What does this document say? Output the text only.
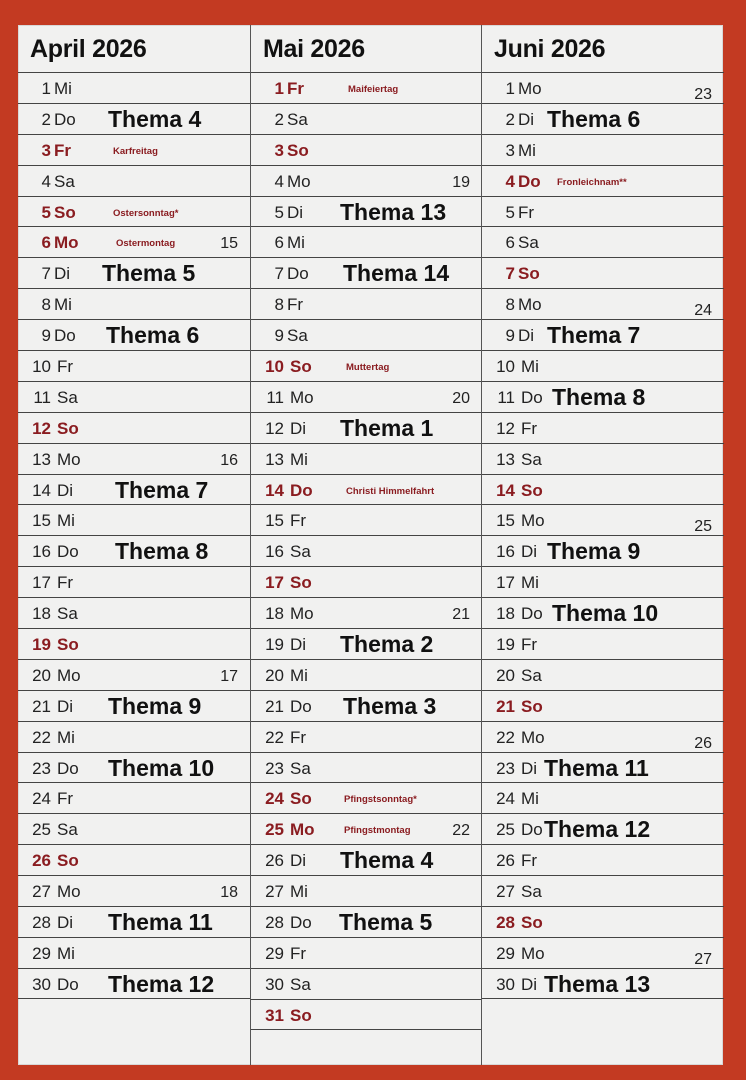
April 2026
1 Mi
2 Do Thema 4
3 Fr	Karfreitag
4 Sa
5 So	Ostersonntag*
6 Mo	Ostermontag	15
7 Di Thema 5
8 Mi
9 Do Thema 6
10 Fr
11 Sa
12 So
13 Mo	16
14 Di Thema 7
15 Mi
16 Do Thema 8
17 Fr
18 Sa
19 So
20 Mo	17
21 Di Thema 9
22 Mi
23 Do Thema 10
24 Fr
25 Sa
26 So
27 Mo	18
28 Di Thema 11
29 Mi
30 Do Thema 12
Mai 2026
1 Fr	Maifeiertag
2 Sa
3 So
4 Mo	19
5 Di Thema 13
6 Mi
7 Do Thema 14
8 Fr
9 Sa
10 So	Muttertag
11 Mo	20
12 Di Thema 1
13 Mi
14 Do	Christi Himmelfahrt
15 Fr
16 Sa
17 So
18 Mo	21
19 Di Thema 2
20 Mi
21 Do Thema 3
22 Fr
23 Sa
24 So	Pfingstsonntag*
25 Mo	Pfingstmontag	22
26 Di Thema 4
27 Mi
28 Do Thema 5
29 Fr
30 Sa
31 So
Juni 2026
1 Mo	23
2 Di Thema 6
3 Mi
4 Do Fronleichnam**
5 Fr
6 Sa
7 So
8 Mo	24
9 Di Thema 7
10 Mi
11 Do Thema 8
12 Fr
13 Sa
14 So
15 Mo	25
16 Di Thema 9
17 Mi
18 Do Thema 10
19 Fr
20 Sa
21 So
22 Mo	26
23 Di Thema 11
24 Mi
25 Do Thema 12
26 Fr
27 Sa
28 So
29 Mo	27
30 Di Thema 13
